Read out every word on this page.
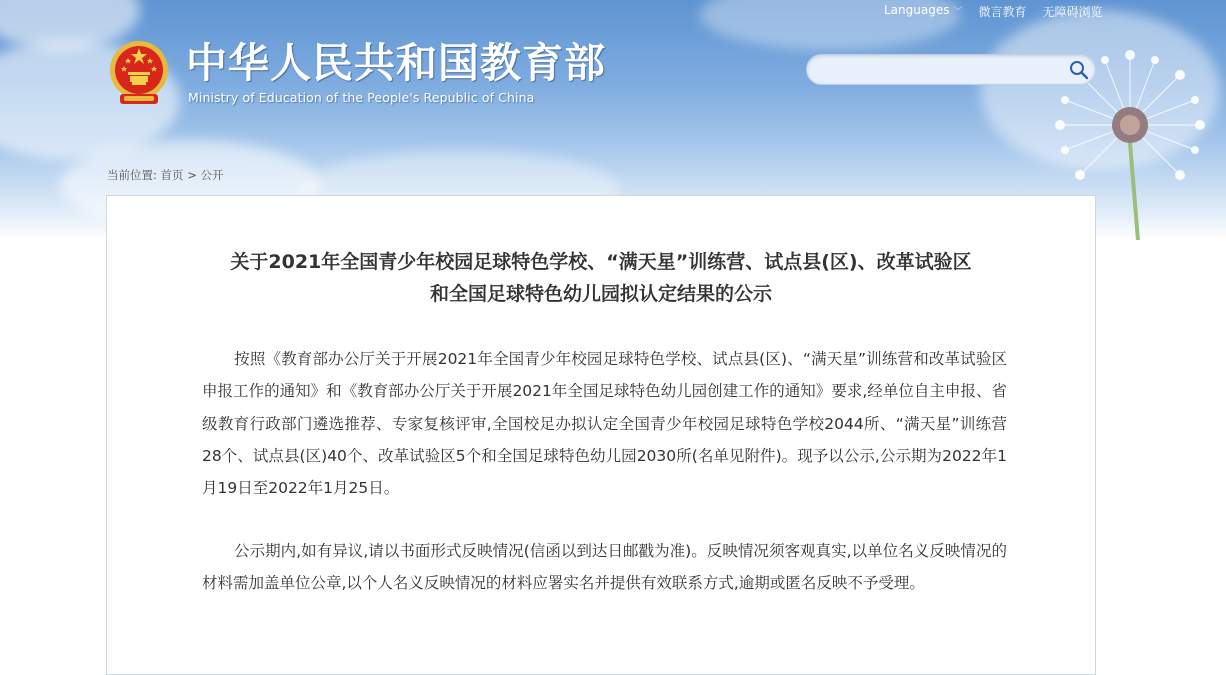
Languages ﹀ 微言教育 无障碍浏览
中华人民共和国教育部
Ministry of Education of the People's Republic of China
当前位置: 首页 > 公开
关于2021年全国青少年校园足球特色学校、“满天星”训练营、试点县(区)、改革试验区
和全国足球特色幼儿园拟认定结果的公示

按照《教育部办公厅关于开展2021年全国青少年校园足球特色学校、试点县(区)、“满天星”训练营和改革试验区申报工作的通知》和《教育部办公厅关于开展2021年全国足球特色幼儿园创建工作的通知》要求,经单位自主申报、省级教育行政部门遴选推荐、专家复核评审,全国校足办拟认定全国青少年校园足球特色学校2044所、“满天星”训练营28个、试点县(区)40个、改革试验区5个和全国足球特色幼儿园2030所(名单见附件)。现予以公示,公示期为2022年1月19日至2022年1月25日。

公示期内,如有异议,请以书面形式反映情况(信函以到达日邮戳为准)。反映情况须客观真实,以单位名义反映情况的材料需加盖单位公章,以个人名义反映情况的材料应署实名并提供有效联系方式,逾期或匿名反映不予受理。
